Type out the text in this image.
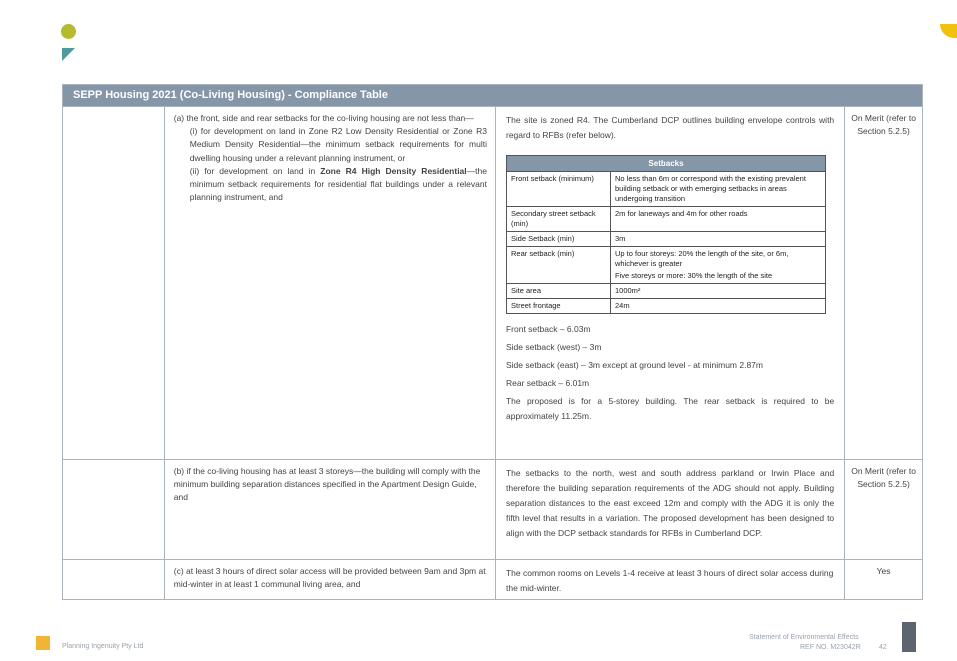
SEPP Housing 2021 (Co-Living Housing) - Compliance Table
(a) the front, side and rear setbacks for the co-living housing are not less than—
(i) for development on land in Zone R2 Low Density Residential or Zone R3 Medium Density Residential—the minimum setback requirements for multi dwelling housing under a relevant planning instrument, or
(ii) for development on land in Zone R4 High Density Residential—the minimum setback requirements for residential flat buildings under a relevant planning instrument, and
The site is zoned R4. The Cumberland DCP outlines building envelope controls with regard to RFBs (refer below).
Setbacks	
Front setback (minimum)	No less than 6m or correspond with the existing prevalent building setback or with emerging setbacks in areas undergoing transition
Secondary street setback (min)	2m for laneways and 4m for other roads
Side Setback (min)	3m
Rear setback (min)	Up to four storeys: 20% the length of the site, or 6m, whichever is greater
Five storeys or more: 30% the length of the site

Site area	1000m²
Street frontage	24m
Front setback – 6.03m
Side setback (west) – 3m
Side setback (east) – 3m except at ground level - at minimum 2.87m
Rear setback – 6.01m
The proposed is for a 5-storey building. The rear setback is required to be approximately 11.25m.
On Merit (refer to Section 5.2.5)
(b) if the co-living housing has at least 3 storeys—the building will comply with the minimum building separation distances specified in the Apartment Design Guide, and
The setbacks to the north, west and south address parkland or Irwin Place and therefore the building separation requirements of the ADG should not apply. Building separation distances to the east exceed 12m and comply with the ADG it is only the fifth level that results in a variation. The proposed development has been designed to align with the DCP setback standards for RFBs in Cumberland DCP.
On Merit (refer to Section 5.2.5)
(c) at least 3 hours of direct solar access will be provided between 9am and 3pm at mid-winter in at least 1 communal living area, and
The common rooms on Levels 1-4 receive at least 3 hours of direct solar access during the mid-winter.
Yes
Planning Ingenuity Pty Ltd
Statement of Environmental Effects
REF NO. M23042R	42
